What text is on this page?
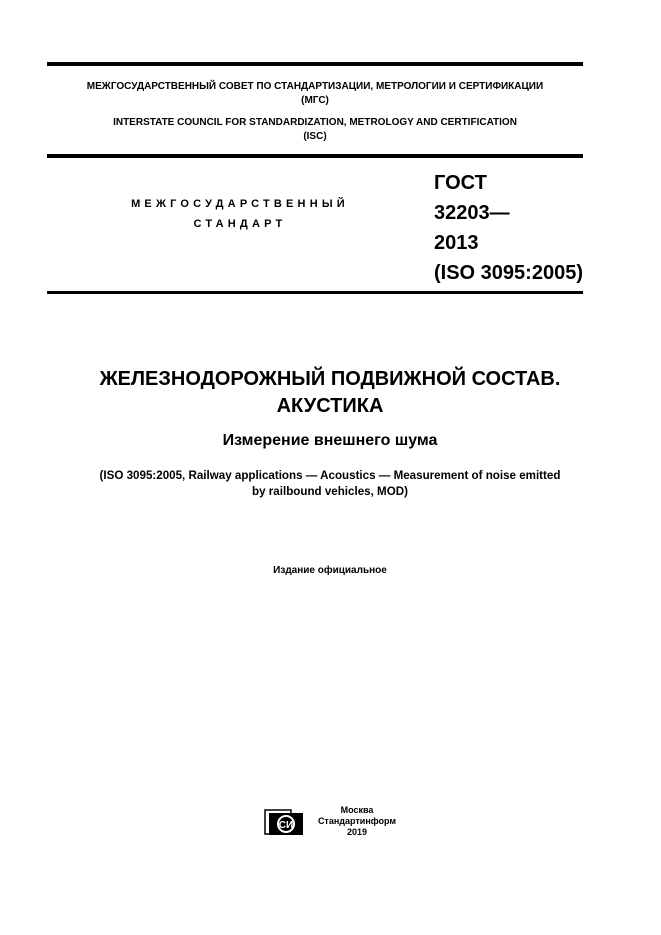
МЕЖГОСУДАРСТВЕННЫЙ СОВЕТ ПО СТАНДАРТИЗАЦИИ, МЕТРОЛОГИИ И СЕРТИФИКАЦИИ
(МГС)
INTERSTATE COUNCIL FOR STANDARDIZATION, METROLOGY AND CERTIFICATION
(ISC)
МЕЖГОСУДАРСТВЕННЫЙ
СТАНДАРТ
ГОСТ
32203—
2013
(ISO 3095:2005)
ЖЕЛЕЗНОДОРОЖНЫЙ ПОДВИЖНОЙ СОСТАВ.
АКУСТИКА
Измерение внешнего шума
(ISO 3095:2005, Railway applications — Acoustics — Measurement of noise emitted
by railbound vehicles, MOD)
Издание официальное
СИ
Москва
Стандартинформ
2019
